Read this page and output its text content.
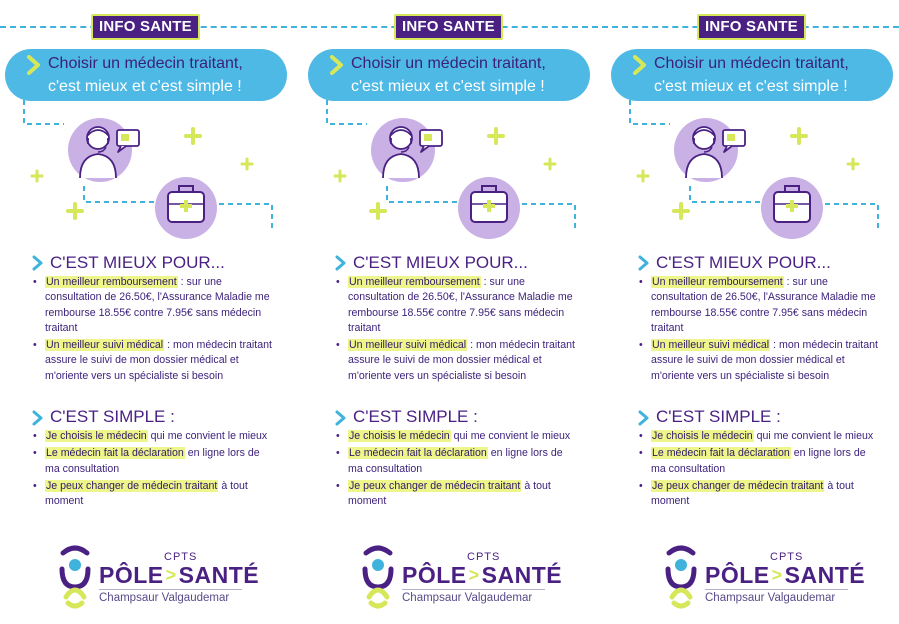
INFO SANTE
Choisir un médecin traitant,
c'est mieux et c'est simple !
C'EST MIEUX POUR...
• Un meilleur remboursement : sur une consultation de 26.50€, l'Assurance Maladie me rembourse 18.55€ contre 7.95€ sans médecin traitant
• Un meilleur suivi médical : mon médecin traitant assure le suivi de mon dossier médical et m'oriente vers un spécialiste si besoin
C'EST SIMPLE :
• Je choisis le médecin qui me convient le mieux
• Le médecin fait la déclaration en ligne lors de ma consultation
• Je peux changer de médecin traitant à tout moment
CPTS
PÔLE >SANTÉ
Champsaur Valgaudemar
INFO SANTE
Choisir un médecin traitant,
c'est mieux et c'est simple !
C'EST MIEUX POUR...
• Un meilleur remboursement : sur une consultation de 26.50€, l'Assurance Maladie me rembourse 18.55€ contre 7.95€ sans médecin traitant
• Un meilleur suivi médical : mon médecin traitant assure le suivi de mon dossier médical et m'oriente vers un spécialiste si besoin
C'EST SIMPLE :
• Je choisis le médecin qui me convient le mieux
• Le médecin fait la déclaration en ligne lors de ma consultation
• Je peux changer de médecin traitant à tout moment
CPTS
PÔLE >SANTÉ
Champsaur Valgaudemar
INFO SANTE
Choisir un médecin traitant,
c'est mieux et c'est simple !
C'EST MIEUX POUR...
• Un meilleur remboursement : sur une consultation de 26.50€, l'Assurance Maladie me rembourse 18.55€ contre 7.95€ sans médecin traitant
• Un meilleur suivi médical : mon médecin traitant assure le suivi de mon dossier médical et m'oriente vers un spécialiste si besoin
C'EST SIMPLE :
• Je choisis le médecin qui me convient le mieux
• Le médecin fait la déclaration en ligne lors de ma consultation
• Je peux changer de médecin traitant à tout moment
CPTS
PÔLE >SANTÉ
Champsaur Valgaudemar
